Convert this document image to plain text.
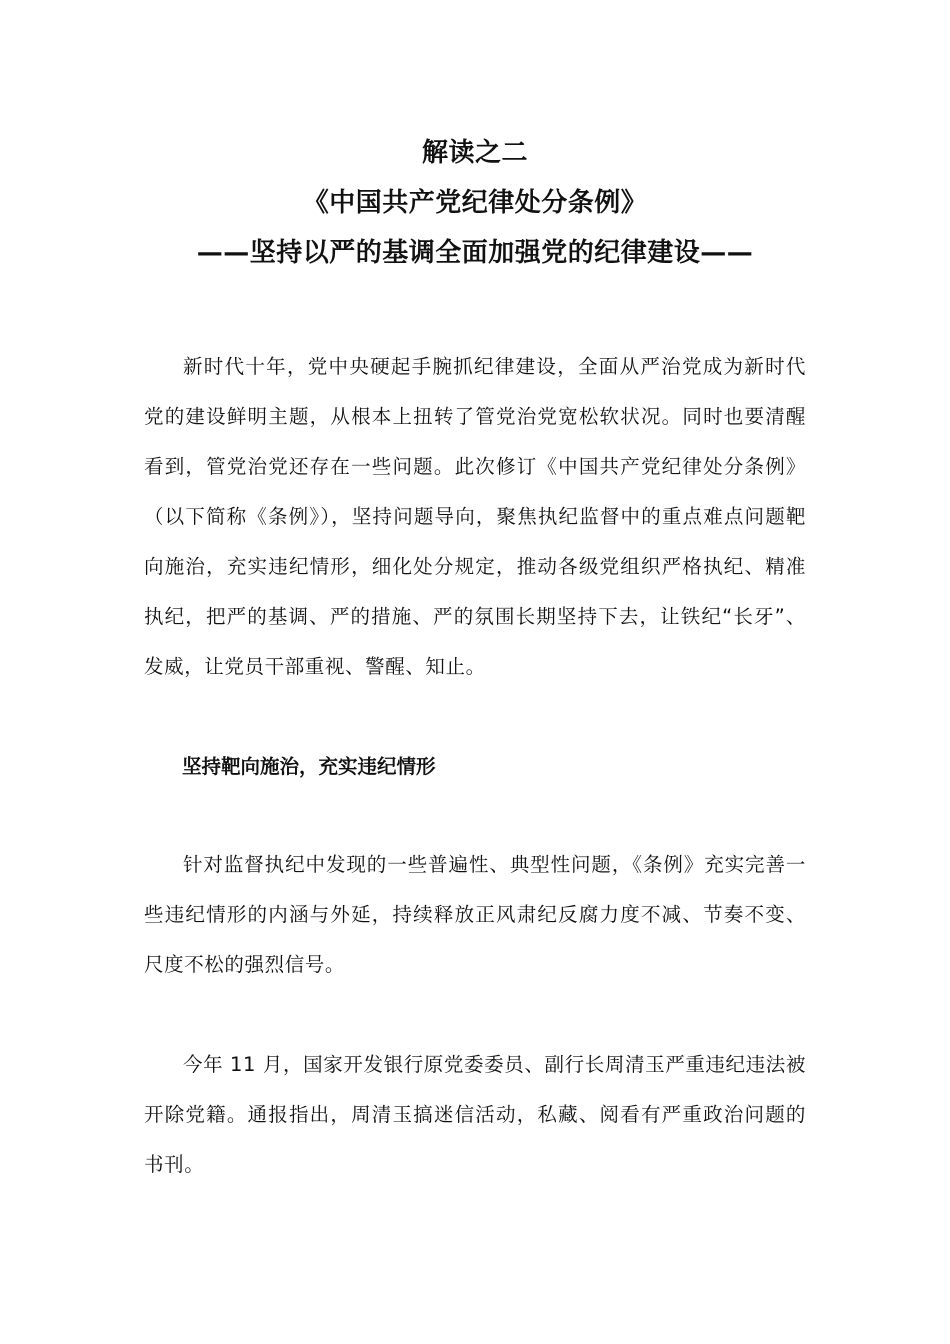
解读之二
《中国共产党纪律处分条例》
——坚持以严的基调全面加强党的纪律建设——

新时代十年，党中央硬起手腕抓纪律建设，全面从严治党成为新时代党的建设鲜明主题，从根本上扭转了管党治党宽松软状况。同时也要清醒看到，管党治党还存在一些问题。此次修订《中国共产党纪律处分条例》（以下简称《条例》），坚持问题导向，聚焦执纪监督中的重点难点问题靶向施治，充实违纪情形，细化处分规定，推动各级党组织严格执纪、精准执纪，把严的基调、严的措施、严的氛围长期坚持下去，让铁纪“长牙”、发威，让党员干部重视、警醒、知止。

坚持靶向施治，充实违纪情形

针对监督执纪中发现的一些普遍性、典型性问题，《条例》充实完善一些违纪情形的内涵与外延，持续释放正风肃纪反腐力度不减、节奏不变、尺度不松的强烈信号。

今年 11 月，国家开发银行原党委委员、副行长周清玉严重违纪违法被开除党籍。通报指出，周清玉搞迷信活动，私藏、阅看有严重政治问题的书刊。
